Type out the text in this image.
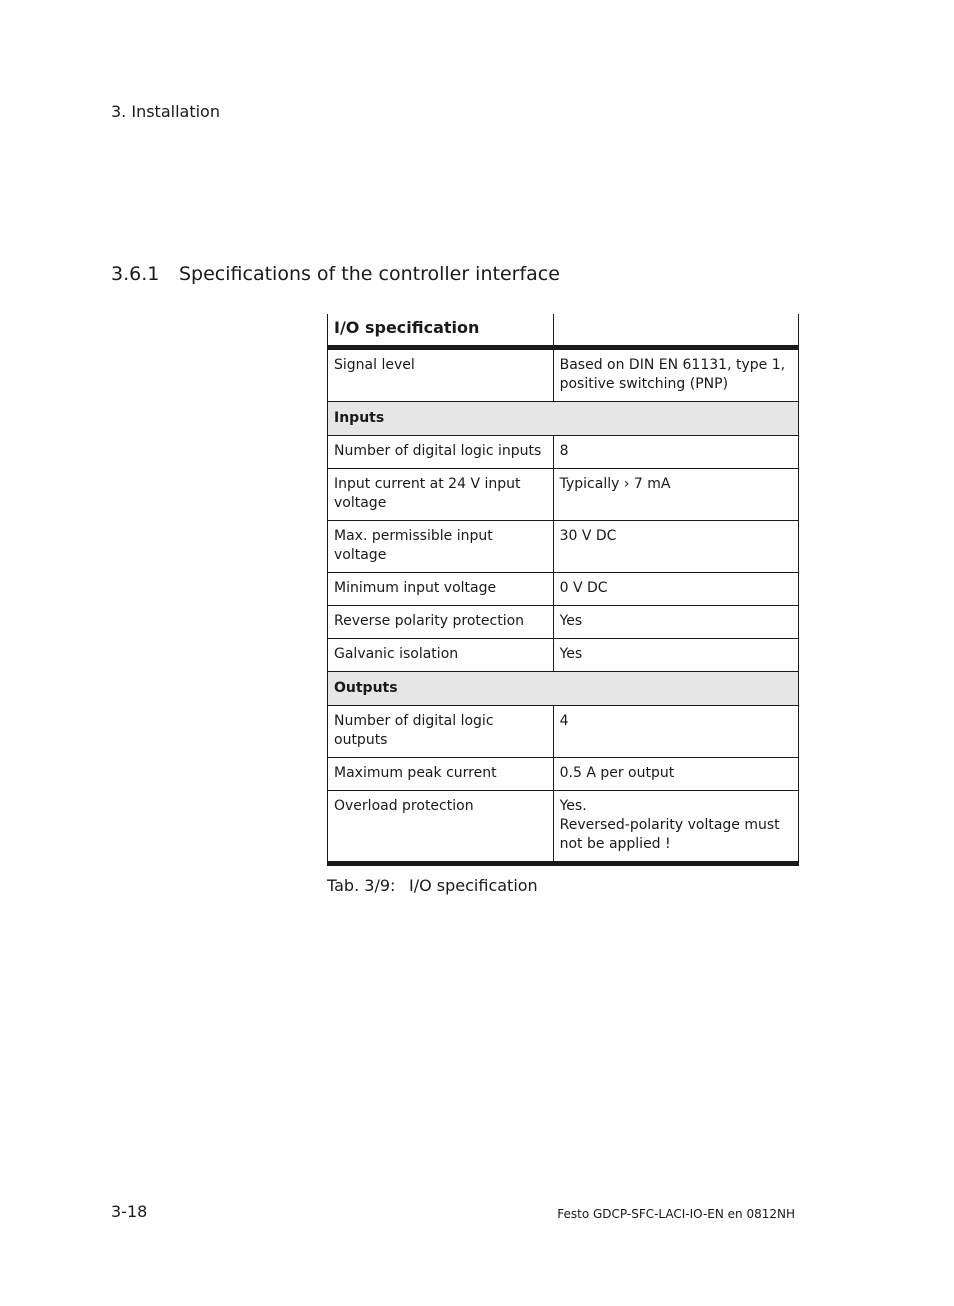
3. Installation
3.6.1 Specifications of the controller interface
I/O specification	
Signal level	Based on DIN EN 61131, type 1,
positive switching (PNP)

Inputs	
Number of digital logic inputs	8

Input current at 24 V input voltage	Typically › 7 mA

Max. permissible input voltage	30 V DC

Minimum input voltage	0 V DC

Reverse polarity protection	Yes

Galvanic isolation	Yes

Outputs	
Number of digital logic outputs	4

Maximum peak current	0.5 A per output

Overload protection	Yes.
Reversed-polarity voltage must
not be applied !
Tab. 3/9: I/O specification
3-18	Festo GDCP-SFC-LACI-IO-EN en 0812NH
